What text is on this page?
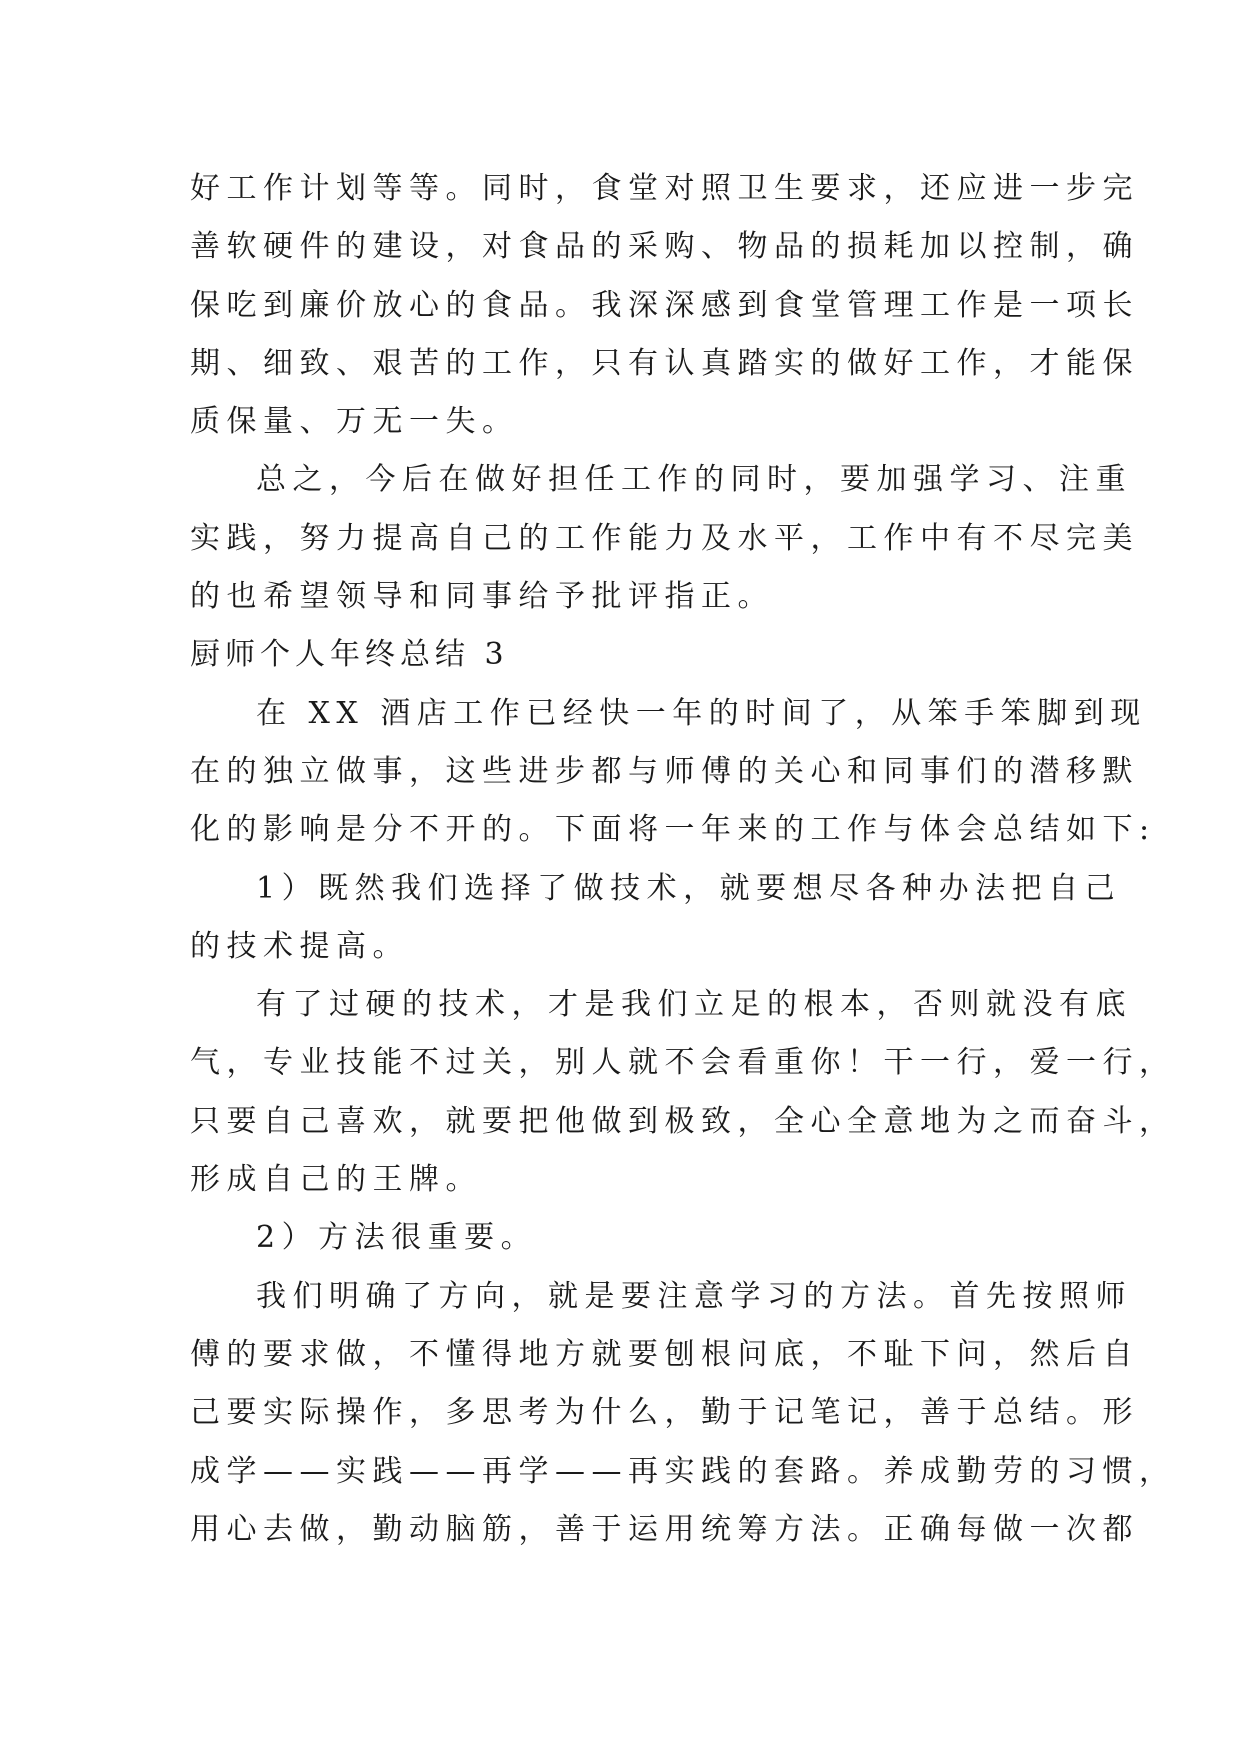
好工作计划等等。同时，食堂对照卫生要求，还应进一步完
善软硬件的建设，对食品的采购、物品的损耗加以控制，确
保吃到廉价放心的食品。我深深感到食堂管理工作是一项长
期、细致、艰苦的工作，只有认真踏实的做好工作，才能保
质保量、万无一失。
总之，今后在做好担任工作的同时，要加强学习、注重
实践，努力提高自己的工作能力及水平，工作中有不尽完美
的也希望领导和同事给予批评指正。
厨师个人年终总结 3
在 XX 酒店工作已经快一年的时间了，从笨手笨脚到现
在的独立做事，这些进步都与师傅的关心和同事们的潜移默
化的影响是分不开的。下面将一年来的工作与体会总结如下:
1）既然我们选择了做技术，就要想尽各种办法把自己
的技术提高。
有了过硬的技术，才是我们立足的根本，否则就没有底
气，专业技能不过关，别人就不会看重你！干一行，爱一行，
只要自己喜欢，就要把他做到极致，全心全意地为之而奋斗，
形成自己的王牌。
2）方法很重要。
我们明确了方向，就是要注意学习的方法。首先按照师
傅的要求做，不懂得地方就要刨根问底，不耻下问，然后自
己要实际操作，多思考为什么，勤于记笔记，善于总结。形
成学——实践——再学——再实践的套路。养成勤劳的习惯，
用心去做，勤动脑筋，善于运用统筹方法。正确每做一次都
